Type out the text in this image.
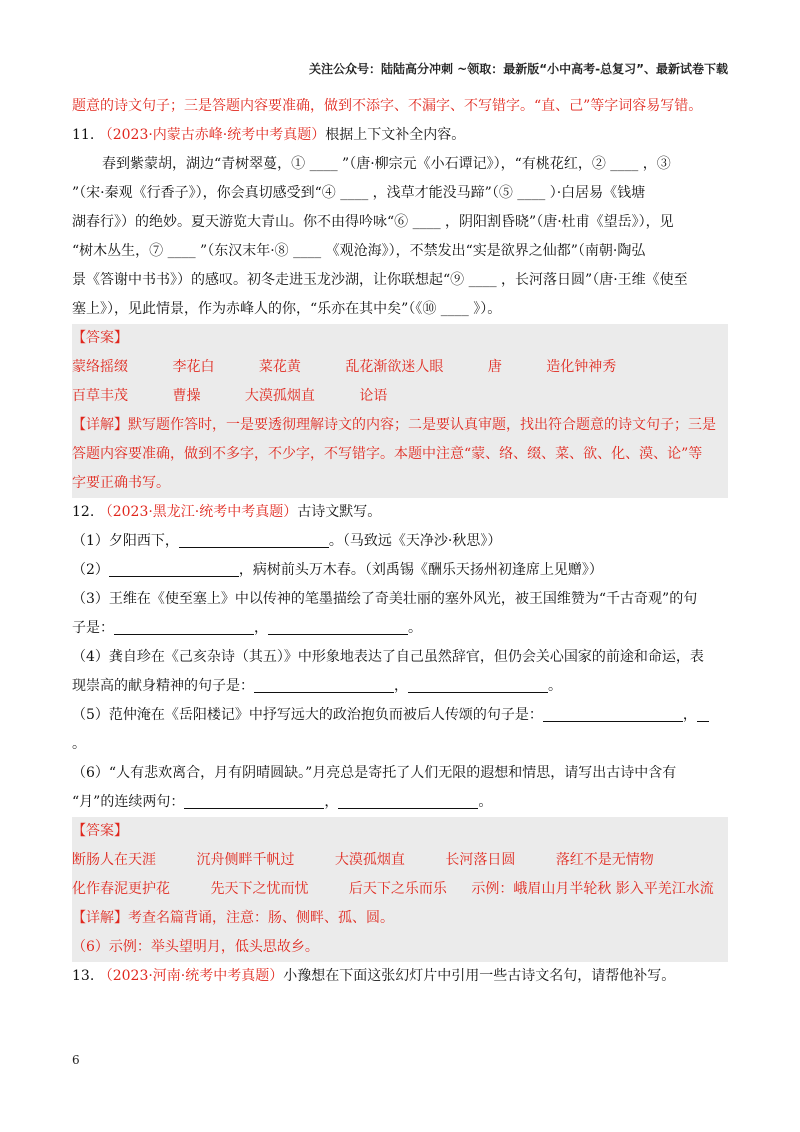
关注公众号：陆陆高分冲刺 ~领取：最新版“小中高考-总复习”、最新试卷下载
题意的诗文句子；三是答题内容要准确，做到不添字、不漏字、不写错字。“直、己”等字词容易写错。
11. （2023·内蒙古赤峰·统考中考真题）根据上下文补全内容。
春到紫蒙胡，湖边“青树翠蔓，① ____ ”（唐·柳宗元《小石谭记》），“有桃花红，② ____ ，③
”（宋·秦观《行香子》），你会真切感受到“④ ____ ，浅草才能没马蹄”（⑤ ____ ）·白居易《钱塘
湖春行》）的绝妙。夏天游览大青山。你不由得吟咏“⑥ ____ ，阴阳割昏晓”（唐·杜甫《望岳》），见
“树木丛生，⑦ ____ ”（东汉末年·⑧ ____ 《观沧海》），不禁发出“实是欲界之仙都”（南朝·陶弘
景《答谢中书书》）的感叹。初冬走进玉龙沙湖，让你联想起“⑨ ____ ，长河落日圆”（唐·王维《使至
塞上》），见此情景，作为赤峰人的你，“乐亦在其中矣”（《⑩ ____ 》）。
【答案】
蒙络摇缀	李花白	菜花黄	乱花渐欲迷人眼	唐	造化钟神秀
百草丰茂	曹操	大漠孤烟直	论语
【详解】默写题作答时，一是要透彻理解诗文的内容；二是要认真审题，找出符合题意的诗文句子；三是
答题内容要准确，做到不多字，不少字，不写错字。本题中注意“蒙、络、缀、菜、欲、化、漠、论”等
字要正确书写。
12. （2023·黑龙江·统考中考真题）古诗文默写。
（1）夕阳西下，	。（马致远《天净沙·秋思》）
（2）	，病树前头万木春。（刘禹锡《酬乐天扬州初逢席上见赠》）
（3）王维在《使至塞上》中以传神的笔墨描绘了奇美壮丽的塞外风光，被王国维赞为“千古奇观”的句
子是：	，	。
（4）龚自珍在《己亥杂诗（其五）》中形象地表达了自己虽然辞官，但仍会关心国家的前途和命运，表
现崇高的献身精神的句子是：	，	。
（5）范仲淹在《岳阳楼记》中抒写远大的政治抱负而被后人传颂的句子是：	，
。
（6）“人有悲欢离合，月有阴晴圆缺。”月亮总是寄托了人们无限的遐想和情思，请写出古诗中含有
“月”的连续两句：	，	。
【答案】
断肠人在天涯	沉舟侧畔千帆过	大漠孤烟直	长河落日圆	落红不是无情物
化作春泥更护花	先天下之忧而忧	后天下之乐而乐 示例：峨眉山月半轮秋 影入平羌江水流
【详解】考查名篇背诵，注意：肠、侧畔、孤、圆。
（6）示例：举头望明月，低头思故乡。
13. （2023·河南·统考中考真题）小豫想在下面这张幻灯片中引用一些古诗文名句，请帮他补写。
6
